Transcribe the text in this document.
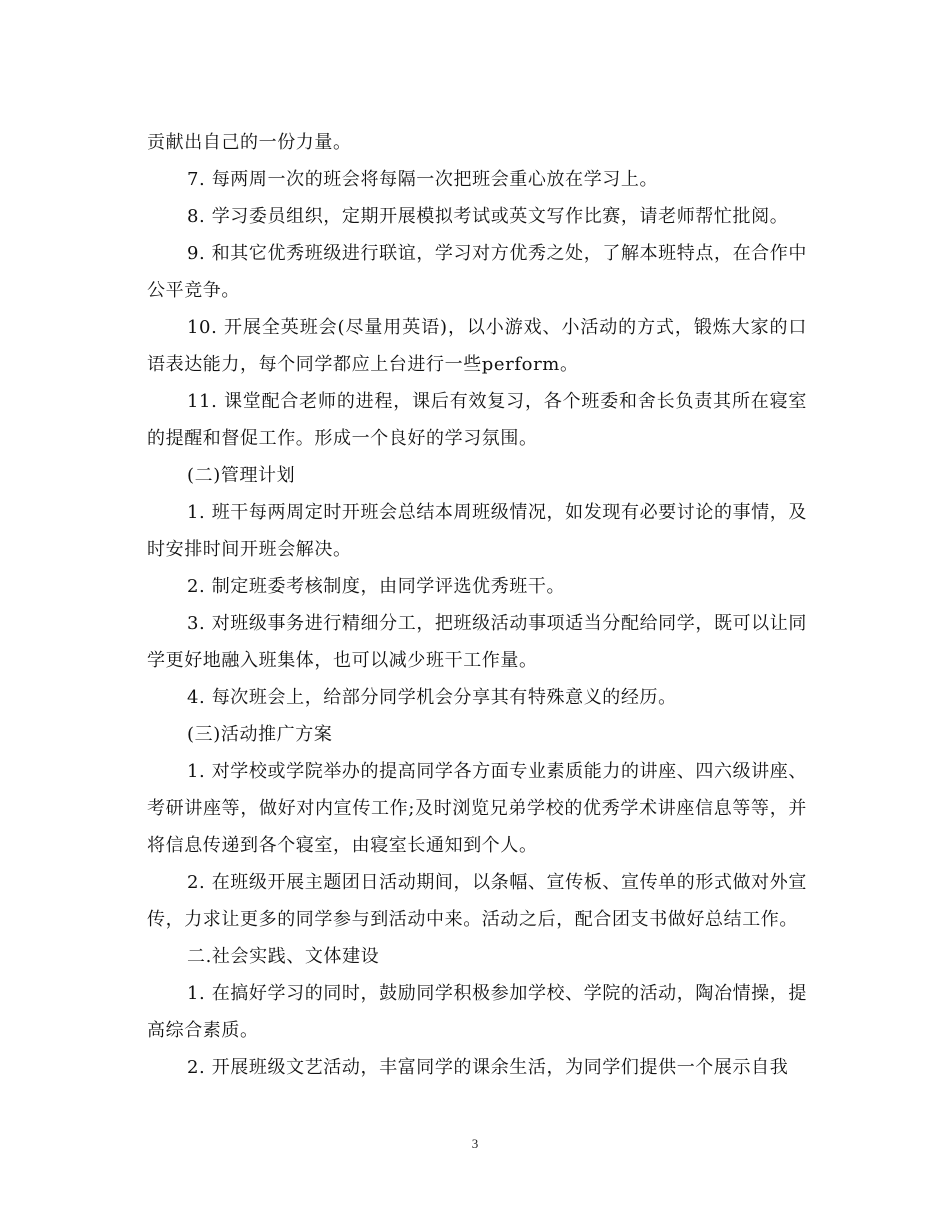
贡献出自己的一份力量。

7. 每两周一次的班会将每隔一次把班会重心放在学习上。

8. 学习委员组织，定期开展模拟考试或英文写作比赛，请老师帮忙批阅。

9. 和其它优秀班级进行联谊，学习对方优秀之处，了解本班特点，在合作中公平竞争。

10. 开展全英班会(尽量用英语)，以小游戏、小活动的方式，锻炼大家的口语表达能力，每个同学都应上台进行一些perform。

11. 课堂配合老师的进程，课后有效复习，各个班委和舍长负责其所在寝室的提醒和督促工作。形成一个良好的学习氛围。

(二)管理计划

1. 班干每两周定时开班会总结本周班级情况，如发现有必要讨论的事情，及时安排时间开班会解决。

2. 制定班委考核制度，由同学评选优秀班干。

3. 对班级事务进行精细分工，把班级活动事项适当分配给同学，既可以让同学更好地融入班集体，也可以减少班干工作量。

4. 每次班会上，给部分同学机会分享其有特殊意义的经历。

(三)活动推广方案

1. 对学校或学院举办的提高同学各方面专业素质能力的讲座、四六级讲座、考研讲座等，做好对内宣传工作;及时浏览兄弟学校的优秀学术讲座信息等等，并将信息传递到各个寝室，由寝室长通知到个人。

2. 在班级开展主题团日活动期间，以条幅、宣传板、宣传单的形式做对外宣传，力求让更多的同学参与到活动中来。活动之后，配合团支书做好总结工作。

二.社会实践、文体建设

1. 在搞好学习的同时，鼓励同学积极参加学校、学院的活动，陶冶情操，提高综合素质。

2. 开展班级文艺活动，丰富同学的课余生活，为同学们提供一个展示自我

3
